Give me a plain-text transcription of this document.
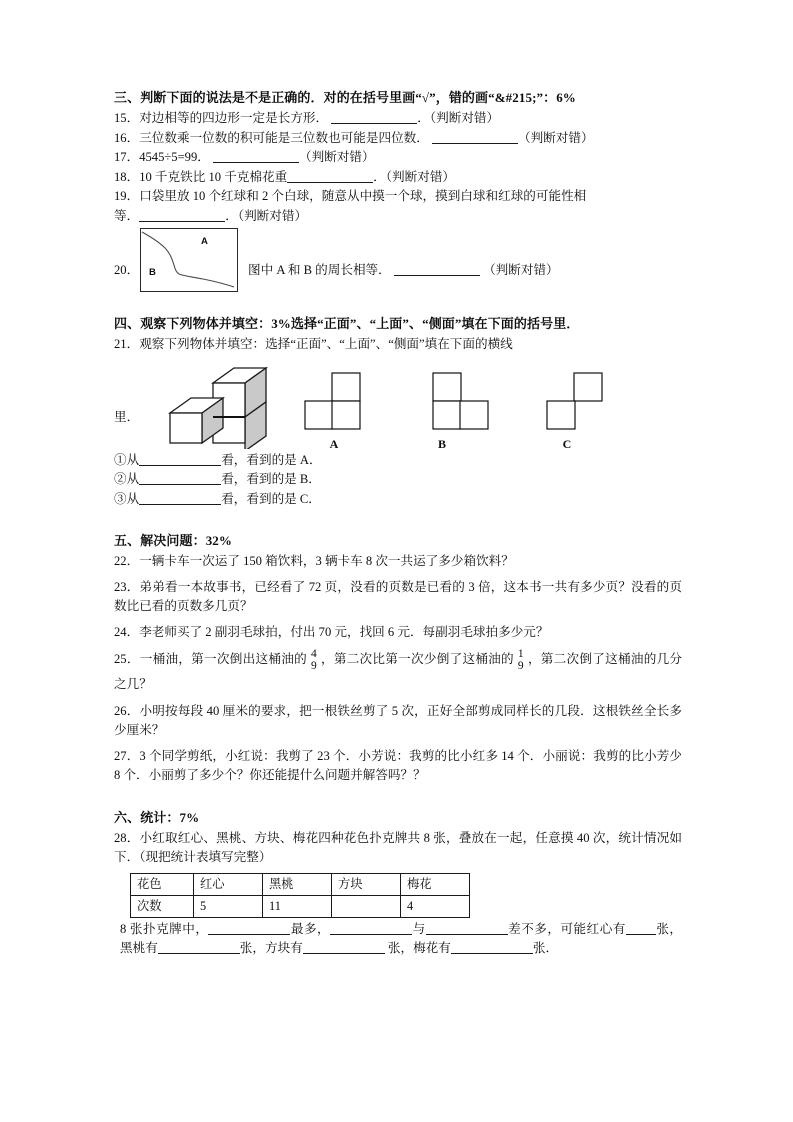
三、判断下面的说法是不是正确的．对的在括号里画“√”，错的画“&#215;”：6%

15．对边相等的四边形一定是长方形．	．（判断对错）

16．三位数乘一位数的积可能是三位数也可能是四位数．	（判断对错）

17．4545÷5=99．	（判断对错）

18．10 千克铁比 10 千克棉花重	．（判断对错）

19．口袋里放 10 个红球和 2 个白球，随意从中摸一个球，摸到白球和红球的可能性相

等．	．（判断对错）

20．
A
B	图中 A 和 B 的周长相等．	（判断对错）
四、观察下列物体并填空：3%选择“正面”、“上面”、“侧面”填在下面的括号里．

21．观察下列物体并填空：选择“正面”、“上面”、“侧面”填在下面的横线

里．
A	B	C

①从	看，看到的是 A．

②从	看，看到的是 B．

③从	看，看到的是 C．

五、解决问题：32%

22．一辆卡车一次运了 150 箱饮料，3 辆卡车 8 次一共运了多少箱饮料？

23．弟弟看一本故事书，已经看了 72 页，没看的页数是已看的 3 倍，这本书一共有多少页？没看的页数比已看的页数多几页？

24．李老师买了 2 副羽毛球拍，付出 70 元，找回 6 元．每副羽毛球拍多少元？

25．一桶油，第一次倒出这桶油的 4
9 ，第二次比第一次少倒了这桶油的 1
9 ，第二次倒了这桶油的几分之几？

26．小明按每段 40 厘米的要求，把一根铁丝剪了 5 次，正好全部剪成同样长的几段．这根铁丝全长多少厘米？

27．3 个同学剪纸，小红说：我剪了 23 个．小芳说：我剪的比小红多 14 个．小丽说：我剪的比小芳少 8 个．小丽剪了多少个？你还能提什么问题并解答吗？？

六、统计：7%

28．小红取红心、黑桃、方块、梅花四种花色扑克牌共 8 张，叠放在一起，任意摸 40 次，统计情况如下．（现把统计表填写完整）

花色	红心	黑桃	方块	梅花
次数	5	11		4

8 张扑克牌中，	最多，	与	差不多，可能红心有 张，黑桃有	张，方块有	张，梅花有	张．
